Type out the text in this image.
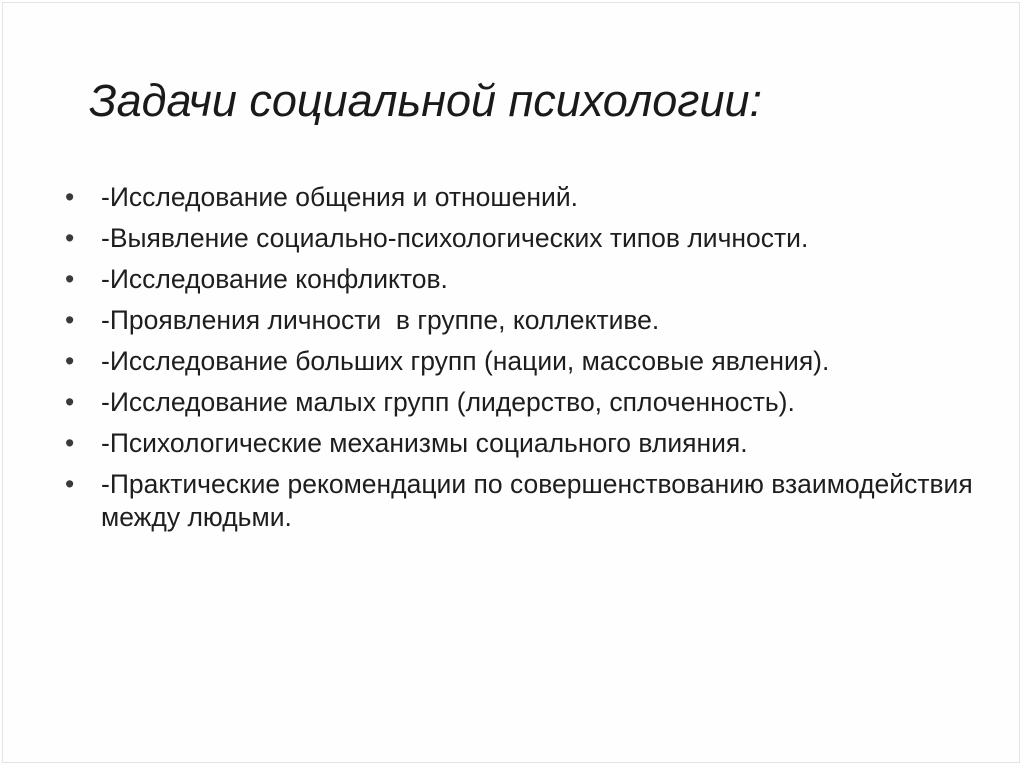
Задачи социальной психологии:
• -Исследование общения и отношений.
• -Выявление социально-психологических типов личности.
• -Исследование конфликтов.
• -Проявления личности  в группе, коллективе.
• -Исследование больших групп (нации, массовые явления).
• -Исследование малых групп (лидерство, сплоченность).
• -Психологические механизмы социального влияния.
• -Практические рекомендации по совершенствованию взаимодействия между людьми.
